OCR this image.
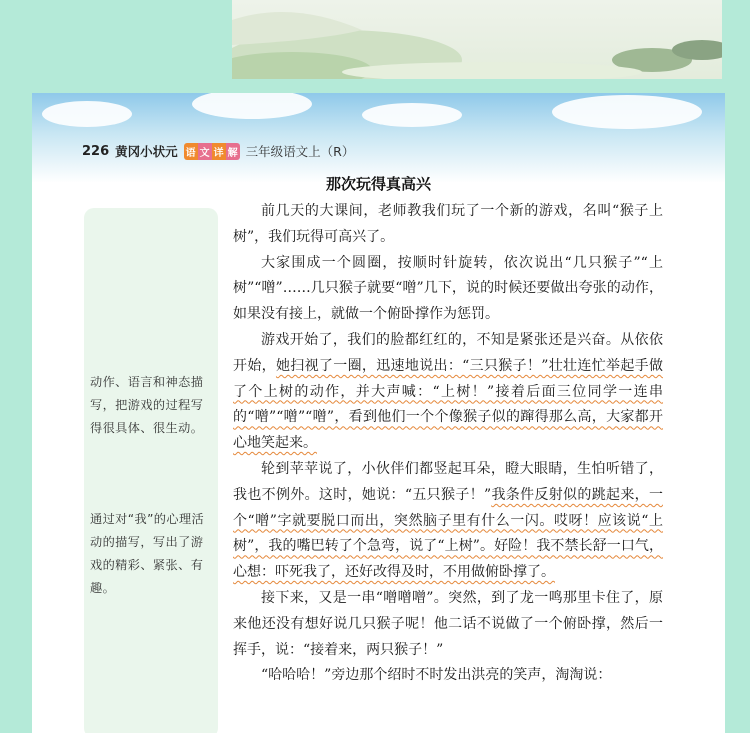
226 黄冈小状元 语 文 详 解 三年级语文上（R）
那次玩得真高兴

前几天的大课间，老师教我们玩了一个新的游戏，名叫“猴子上树”，我们玩得可高兴了。

大家围成一个圆圈，按顺时针旋转，依次说出“几只猴子”“上树”“噌”……几只猴子就要“噌”几下，说的时候还要做出夸张的动作，如果没有接上，就做一个俯卧撑作为惩罚。

游戏开始了，我们的脸都红红的，不知是紧张还是兴奋。从依依开始，她扫视了一圈，迅速地说出：“三只猴子！”壮壮连忙举起手做了个上树的动作，并大声喊：“上树！”接着后面三位同学一连串的“噌”“噌”“噌”，看到他们一个个像猴子似的蹿得那么高，大家都开心地笑起来。

轮到苹苹说了，小伙伴们都竖起耳朵，瞪大眼睛，生怕听错了，我也不例外。这时，她说：“五只猴子！”我条件反射似的跳起来，一个“噌”字就要脱口而出，突然脑子里有什么一闪。哎呀！应该说“上树”，我的嘴巴转了个急弯，说了“上树”。好险！我不禁长舒一口气，心想：吓死我了，还好改得及时，不用做俯卧撑了。

接下来，又是一串“噌噌噌”。突然，到了龙一鸣那里卡住了，原来他还没有想好说几只猴子呢！他二话不说做了一个俯卧撑，然后一挥手，说：“接着来，两只猴子！”

“哈哈哈！”旁边那个绍时不时发出洪亮的笑声，淘淘说：

动作、语言和神态描写，把游戏的过程写得很具体、很生动。
通过对“我”的心理活动的描写，写出了游戏的精彩、紧张、有趣。
